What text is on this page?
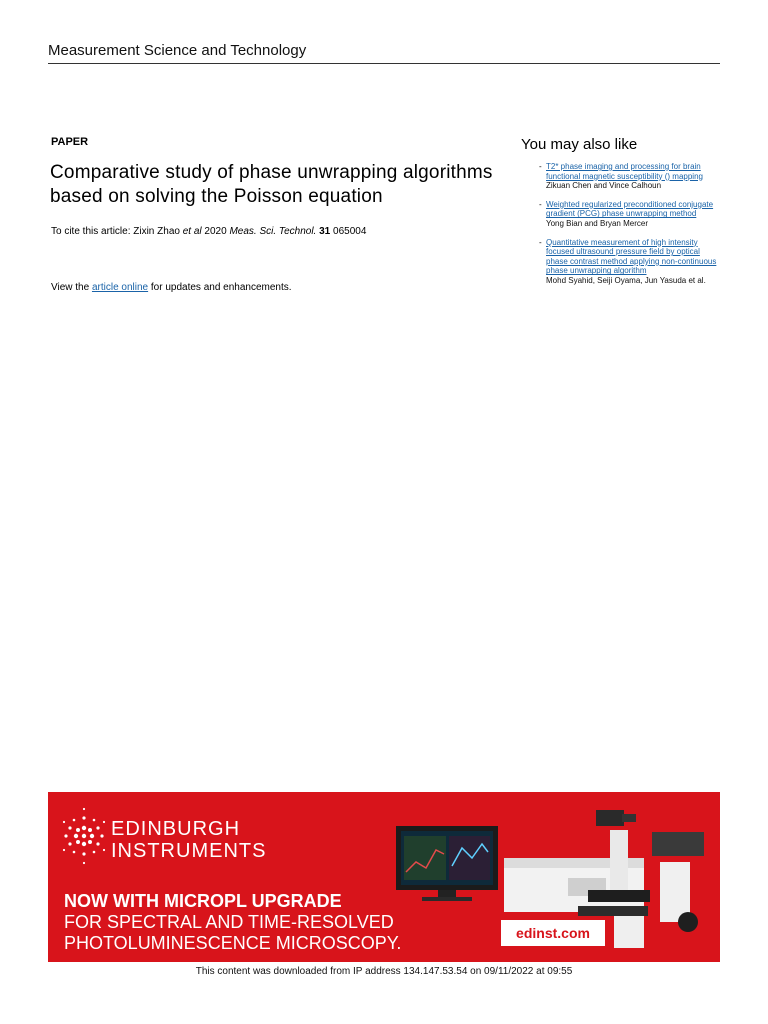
Measurement Science and Technology
PAPER
Comparative study of phase unwrapping algorithms based on solving the Poisson equation
To cite this article: Zixin Zhao et al 2020 Meas. Sci. Technol. 31 065004
View the article online for updates and enhancements.
You may also like
- T2* phase imaging and processing for brain functional magnetic susceptibility () mapping
Zikuan Chen and Vince Calhoun
- Weighted regularized preconditioned conjugate gradient (PCG) phase unwrapping method
Yong Bian and Bryan Mercer
- Quantitative measurement of high intensity focused ultrasound pressure field by optical phase contrast method applying non-continuous phase unwrapping algorithm
Mohd Syahid, Seiji Oyama, Jun Yasuda et al.
EDINBURGH
INSTRUMENTS
NOW WITH MICROPL UPGRADE
FOR SPECTRAL AND TIME-RESOLVED
PHOTOLUMINESCENCE MICROSCOPY.	edinst.com
This content was downloaded from IP address 134.147.53.54 on 09/11/2022 at 09:55
